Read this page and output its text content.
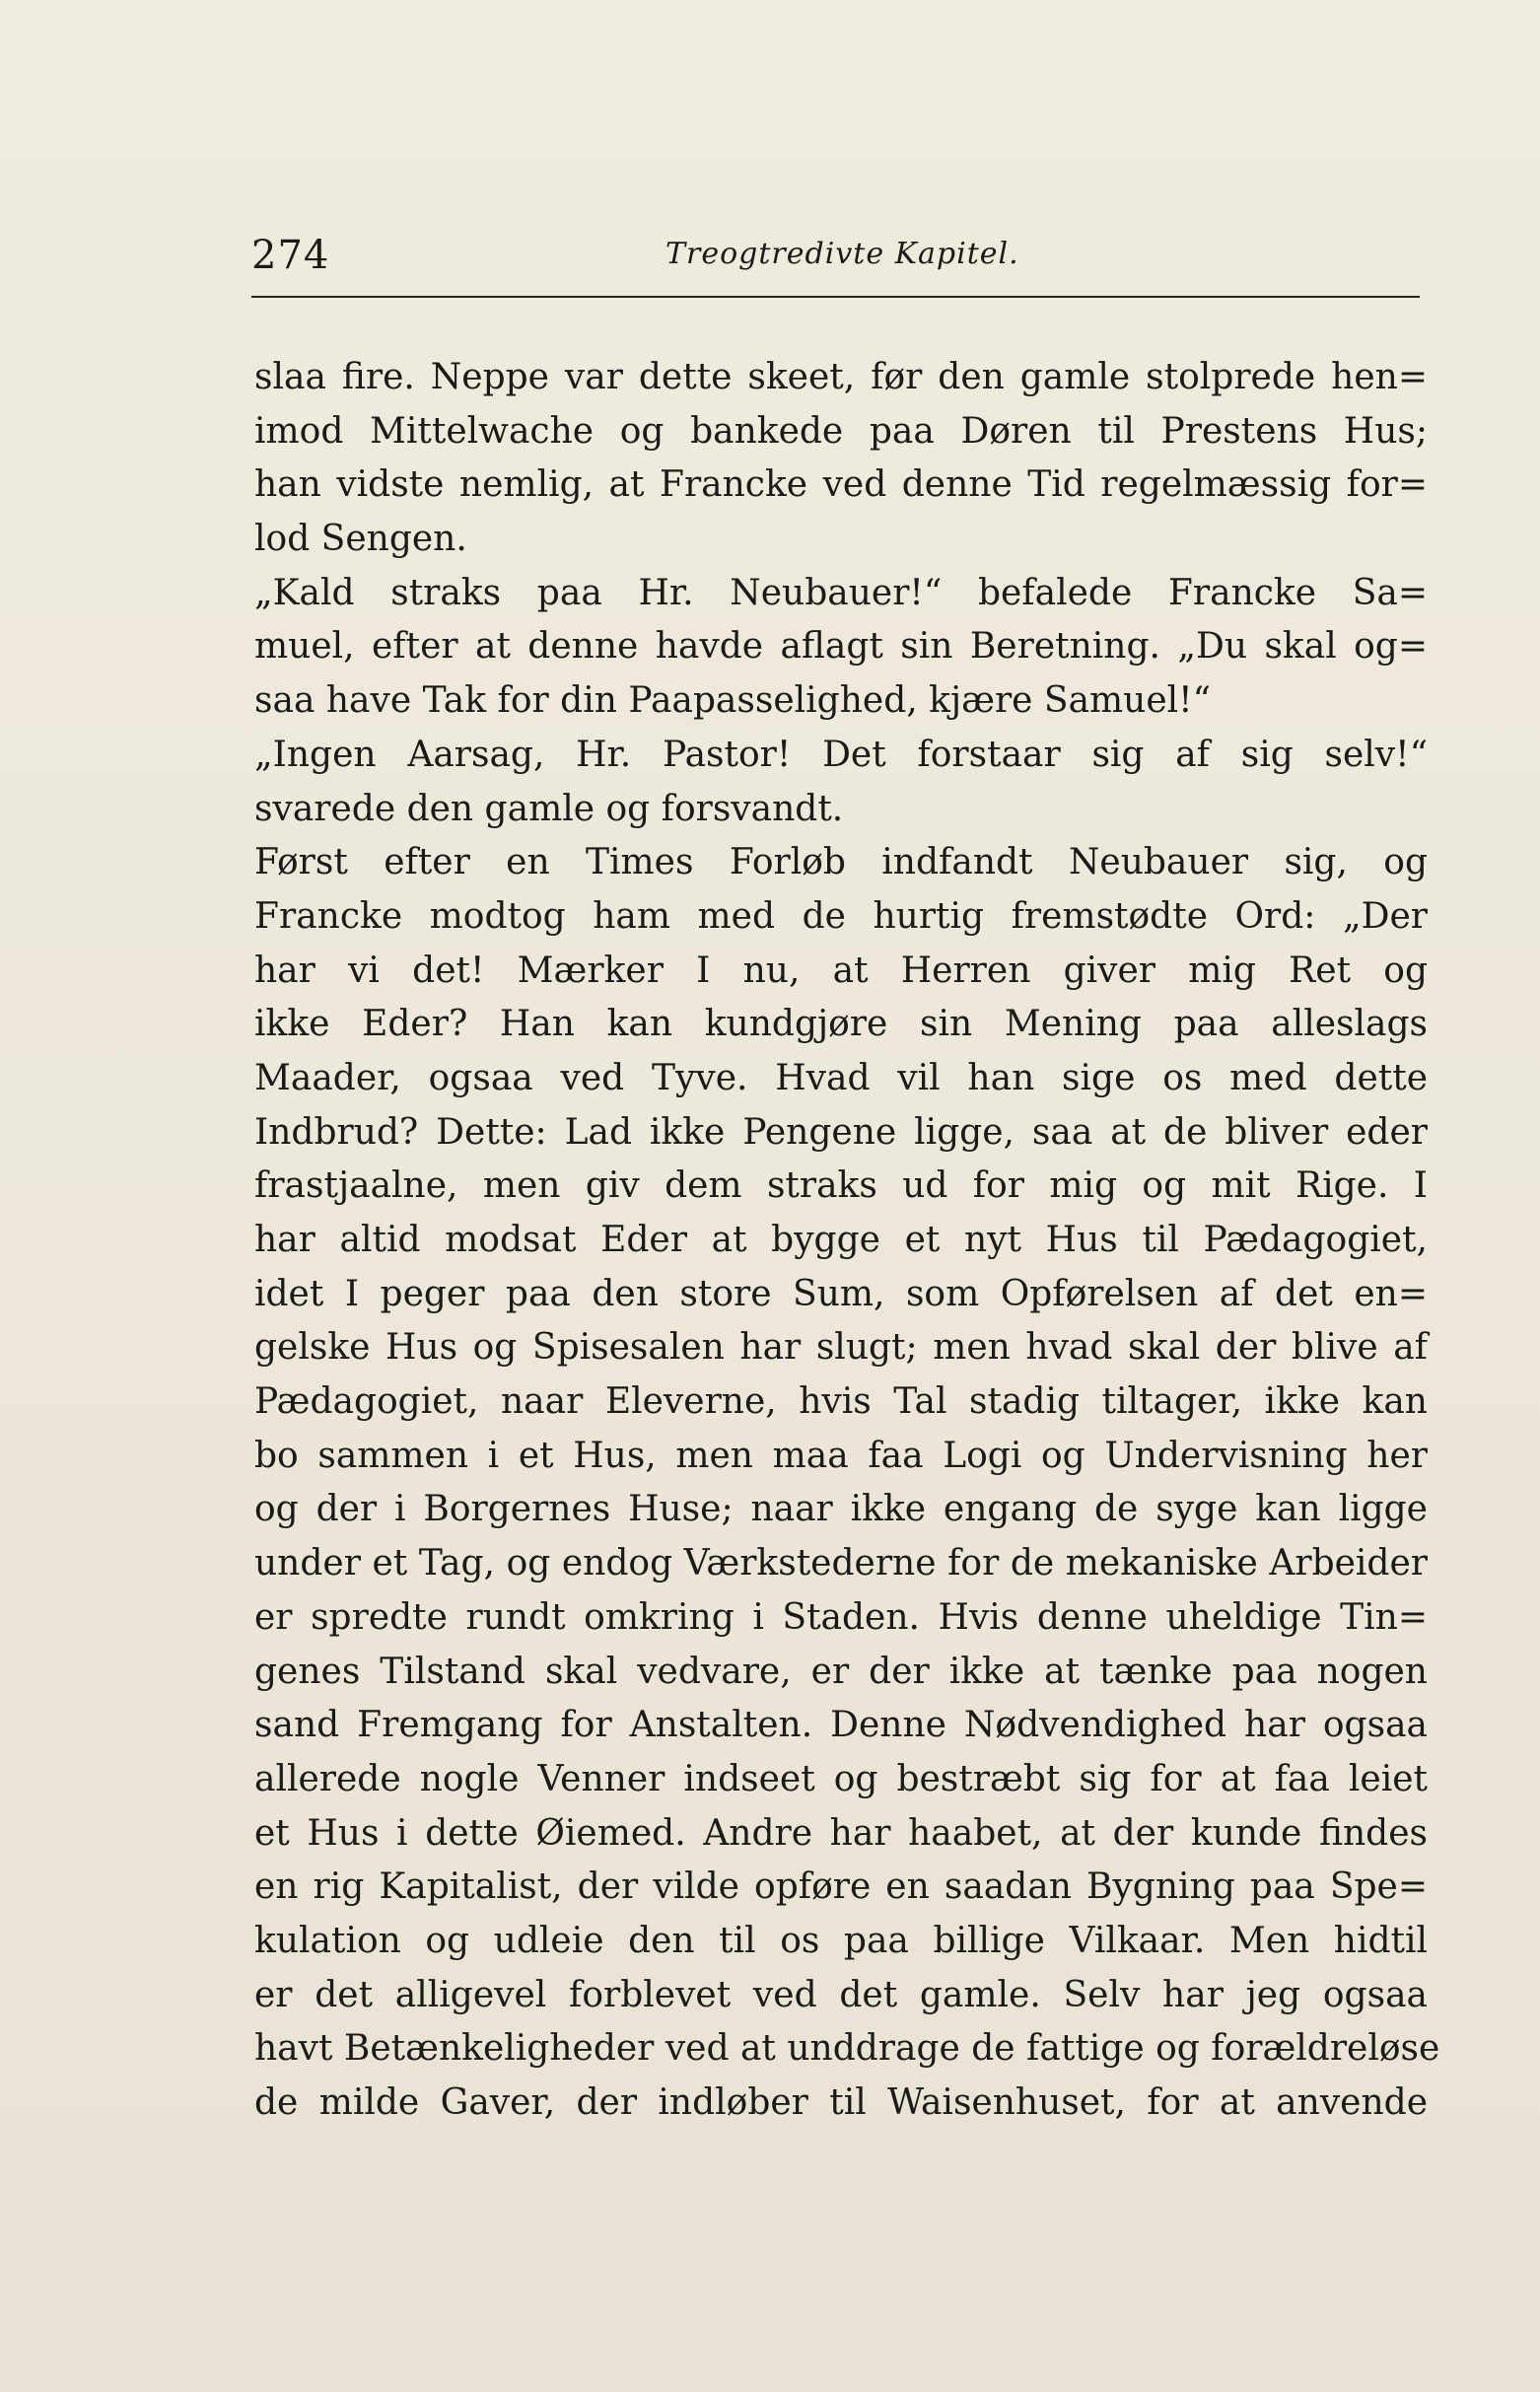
274	Treogtredivte Kapitel.
slaa fire. Neppe var dette skeet, før den gamle stolprede hen=
imod Mittelwache og bankede paa Døren til Prestens Hus;
han vidste nemlig, at Francke ved denne Tid regelmæssig for=
lod Sengen.
„Kald straks paa Hr. Neubauer!“ befalede Francke Sa=
muel, efter at denne havde aflagt sin Beretning. „Du skal og=
saa have Tak for din Paapasselighed, kjære Samuel!“
„Ingen Aarsag, Hr. Pastor! Det forstaar sig af sig selv!“
svarede den gamle og forsvandt.
Først efter en Times Forløb indfandt Neubauer sig, og
Francke modtog ham med de hurtig fremstødte Ord: „Der
har vi det! Mærker I nu, at Herren giver mig Ret og
ikke Eder? Han kan kundgjøre sin Mening paa alleslags
Maader, ogsaa ved Tyve. Hvad vil han sige os med dette
Indbrud? Dette: Lad ikke Pengene ligge, saa at de bliver eder
frastjaalne, men giv dem straks ud for mig og mit Rige. I
har altid modsat Eder at bygge et nyt Hus til Pædagogiet,
idet I peger paa den store Sum, som Opførelsen af det en=
gelske Hus og Spisesalen har slugt; men hvad skal der blive af
Pædagogiet, naar Eleverne, hvis Tal stadig tiltager, ikke kan
bo sammen i et Hus, men maa faa Logi og Undervisning her
og der i Borgernes Huse; naar ikke engang de syge kan ligge
under et Tag, og endog Værkstederne for de mekaniske Arbeider
er spredte rundt omkring i Staden. Hvis denne uheldige Tin=
genes Tilstand skal vedvare, er der ikke at tænke paa nogen
sand Fremgang for Anstalten. Denne Nødvendighed har ogsaa
allerede nogle Venner indseet og bestræbt sig for at faa leiet
et Hus i dette Øiemed. Andre har haabet, at der kunde findes
en rig Kapitalist, der vilde opføre en saadan Bygning paa Spe=
kulation og udleie den til os paa billige Vilkaar. Men hidtil
er det alligevel forblevet ved det gamle. Selv har jeg ogsaa
havt Betænkeligheder ved at unddrage de fattige og forældreløse
de milde Gaver, der indløber til Waisenhuset, for at anvende
